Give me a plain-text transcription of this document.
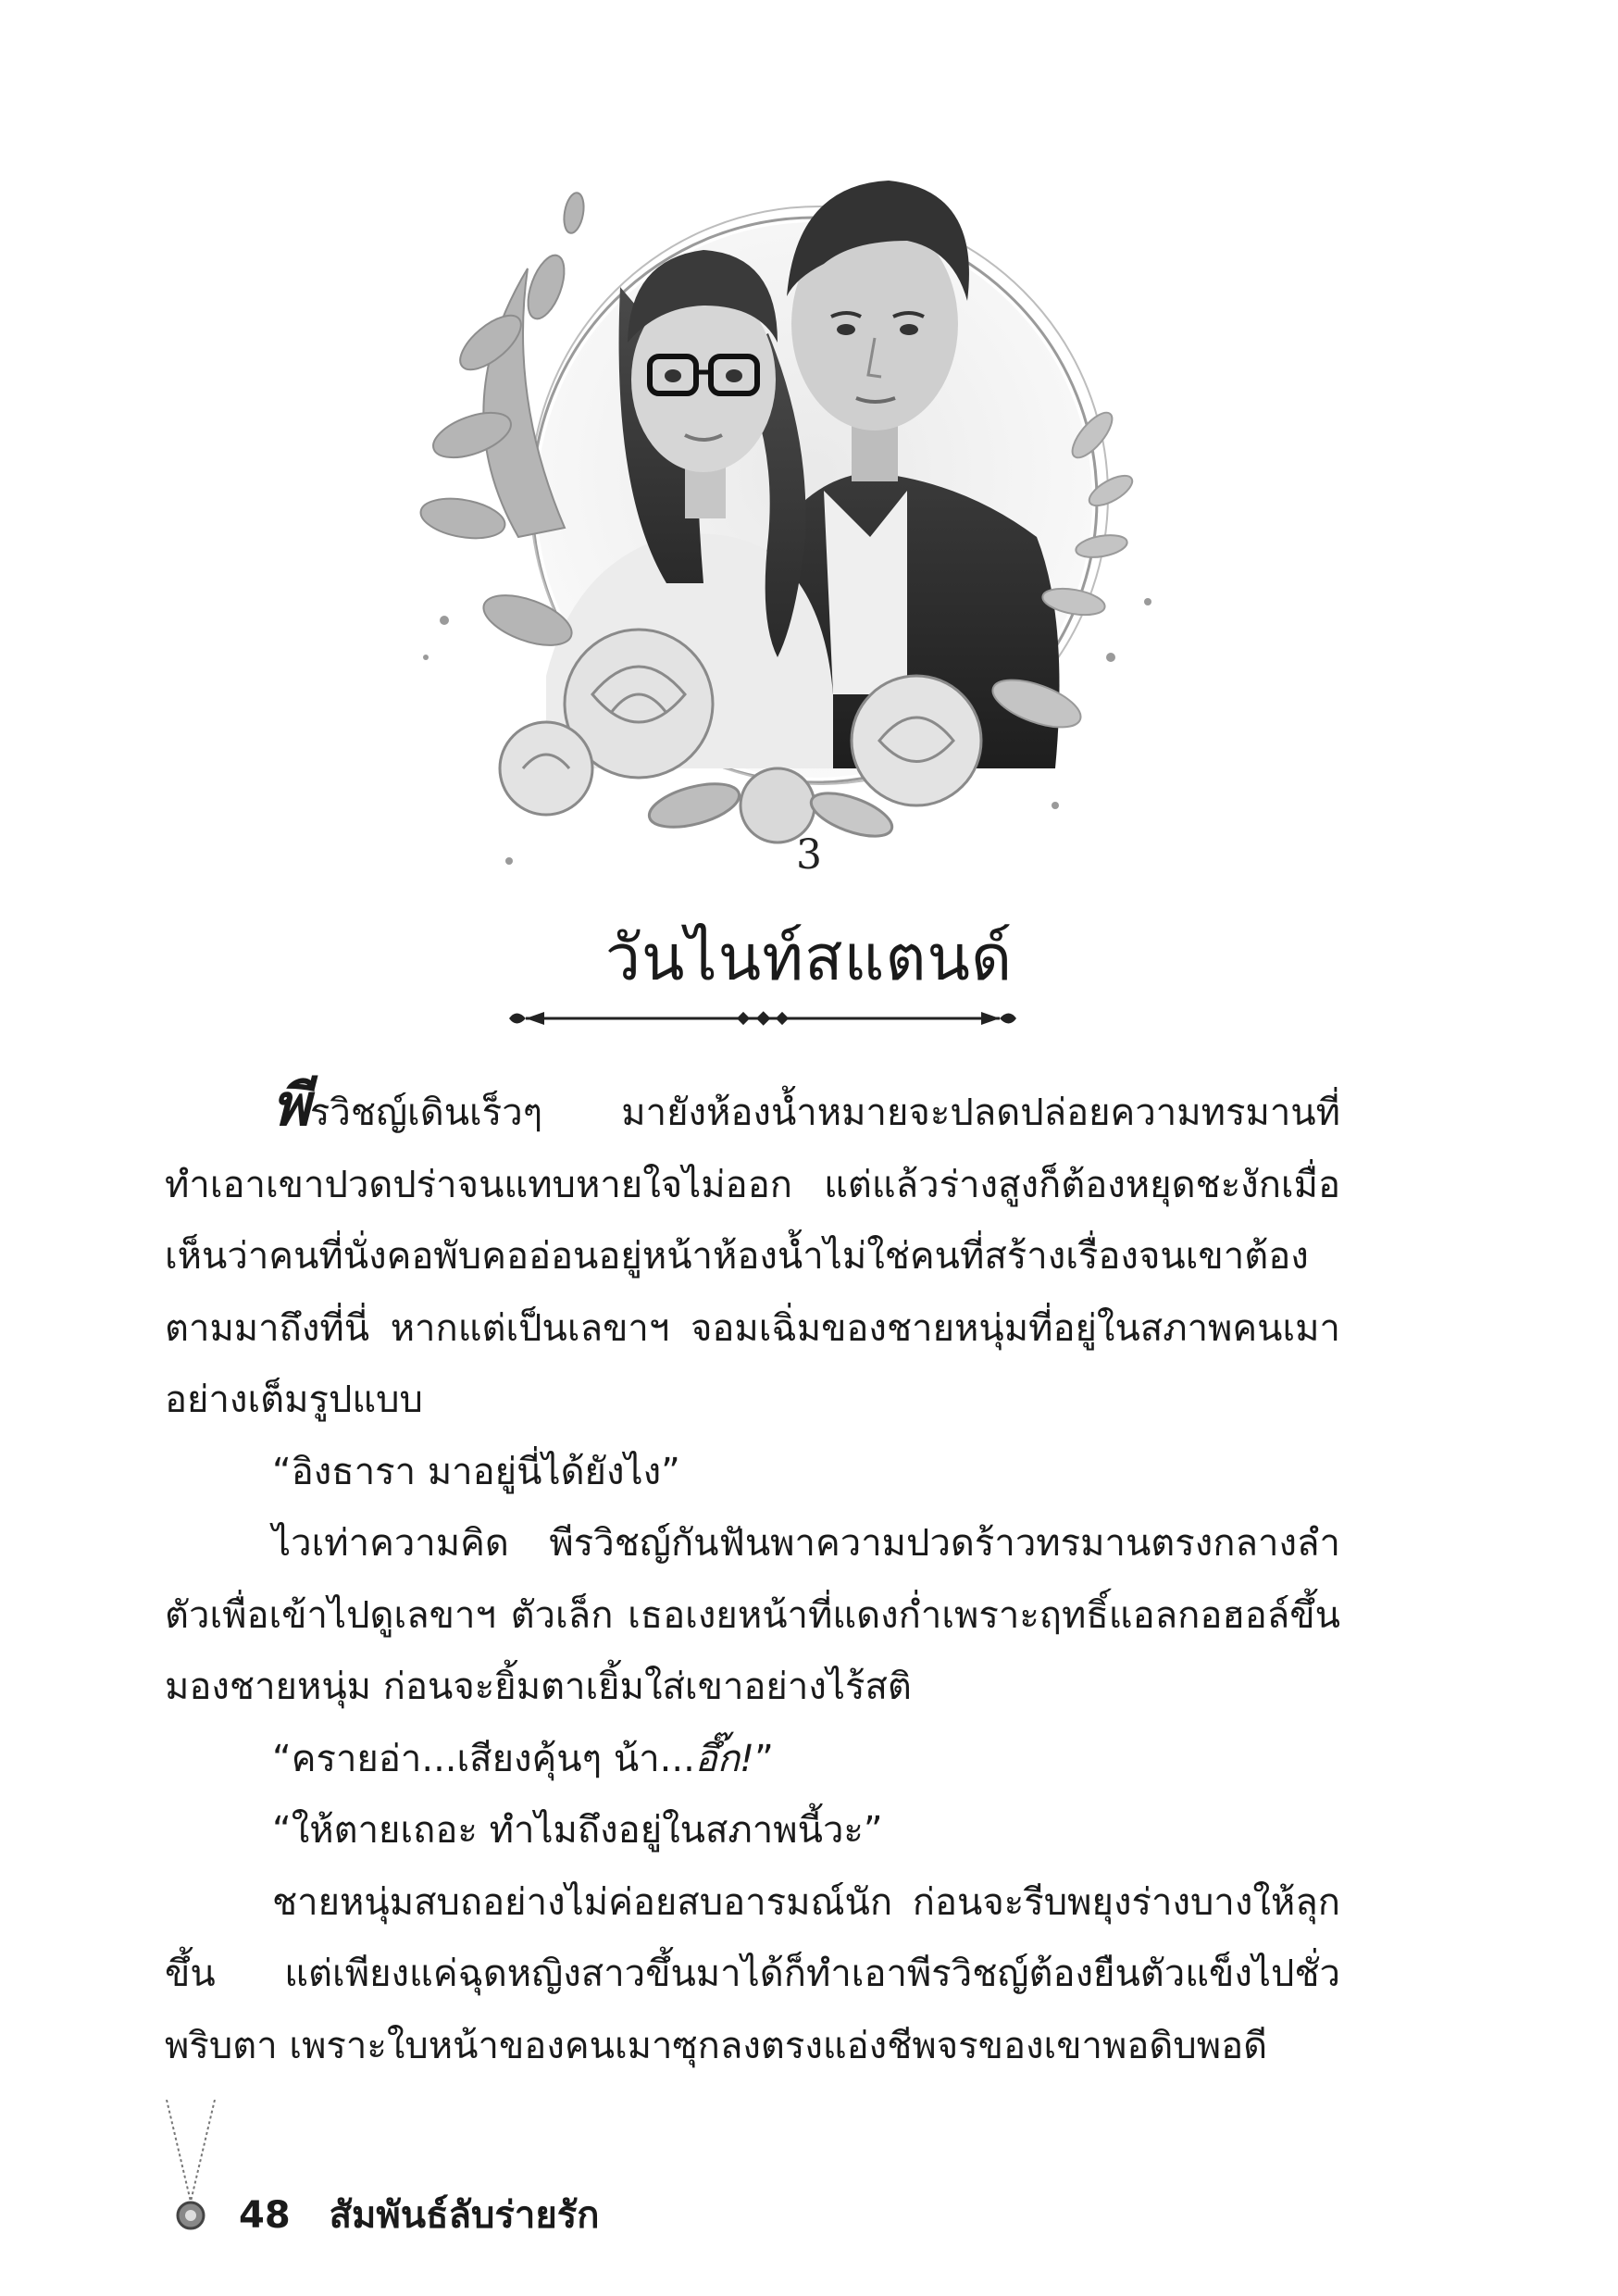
3
วันไนท์สแตนด์

พีรวิชญ์เดินเร็วๆ มายังห้องน้ำหมายจะปลดปล่อยความทรมานที่ทำเอาเขาปวดปร่าจนแทบหายใจไม่ออก แต่แล้วร่างสูงก็ต้องหยุดชะงักเมื่อเห็นว่าคนที่นั่งคอพับคออ่อนอยู่หน้าห้องน้ำไม่ใช่คนที่สร้างเรื่องจนเขาต้องตามมาถึงที่นี่ หากแต่เป็นเลขาฯ จอมเฉิ่มของชายหนุ่มที่อยู่ในสภาพคนเมาอย่างเต็มรูปแบบ

“อิงธารา มาอยู่นี่ได้ยังไง”

ไวเท่าความคิด พีรวิชญ์กันฟันพาความปวดร้าวทรมานตรงกลางลำตัวเพื่อเข้าไปดูเลขาฯ ตัวเล็ก เธอเงยหน้าที่แดงก่ำเพราะฤทธิ์แอลกอฮอล์ขึ้นมองชายหนุ่ม ก่อนจะยิ้มตาเยิ้มใส่เขาอย่างไร้สติ

“ครายอ่า...เสียงคุ้นๆ น้า...อึ๊ก!”

“ให้ตายเถอะ ทำไมถึงอยู่ในสภาพนี้วะ”

ชายหนุ่มสบถอย่างไม่ค่อยสบอารมณ์นัก ก่อนจะรีบพยุงร่างบางให้ลุกขึ้น แต่เพียงแค่ฉุดหญิงสาวขึ้นมาได้ก็ทำเอาพีรวิชญ์ต้องยืนตัวแข็งไปชั่วพริบตา เพราะใบหน้าของคนเมาซุกลงตรงแอ่งชีพจรของเขาพอดิบพอดี

48 สัมพันธ์ลับร่ายรัก
